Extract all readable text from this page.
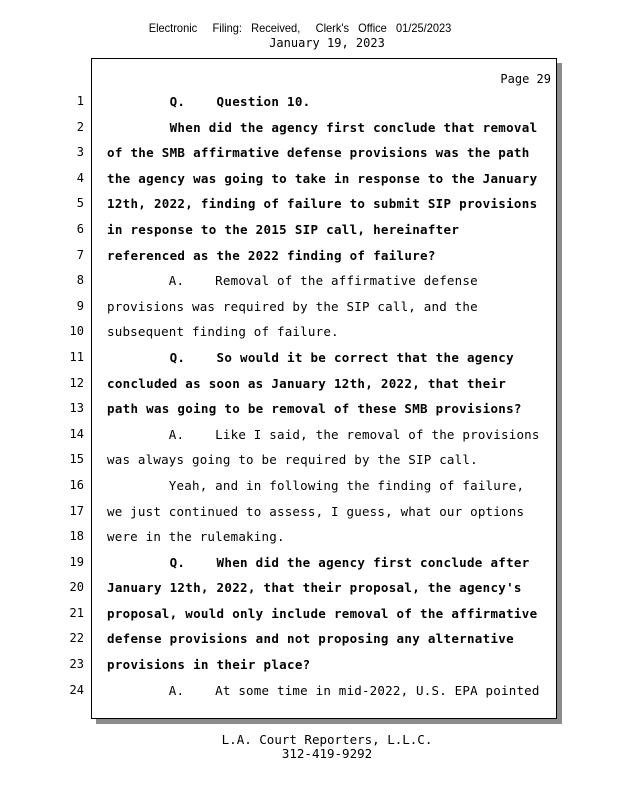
Electronic     Filing:   Received,     Clerk's   Office   01/25/2023
January 19, 2023
Page 29
1 Q.    Question 10.
2 When did the agency first conclude that removal
3 of the SMB affirmative defense provisions was the path
4 the agency was going to take in response to the January
5 12th, 2022, finding of failure to submit SIP provisions
6 in response to the 2015 SIP call, hereinafter
7 referenced as the 2022 finding of failure?
8 A.    Removal of the affirmative defense
9 provisions was required by the SIP call, and the
10 subsequent finding of failure.
11 Q.    So would it be correct that the agency
12 concluded as soon as January 12th, 2022, that their
13 path was going to be removal of these SMB provisions?
14 A.    Like I said, the removal of the provisions
15 was always going to be required by the SIP call.
16 Yeah, and in following the finding of failure,
17 we just continued to assess, I guess, what our options
18 were in the rulemaking.
19 Q.    When did the agency first conclude after
20 January 12th, 2022, that their proposal, the agency's
21 proposal, would only include removal of the affirmative
22 defense provisions and not proposing any alternative
23 provisions in their place?
24 A.    At some time in mid-2022, U.S. EPA pointed
L.A. Court Reporters, L.L.C.
312-419-9292
